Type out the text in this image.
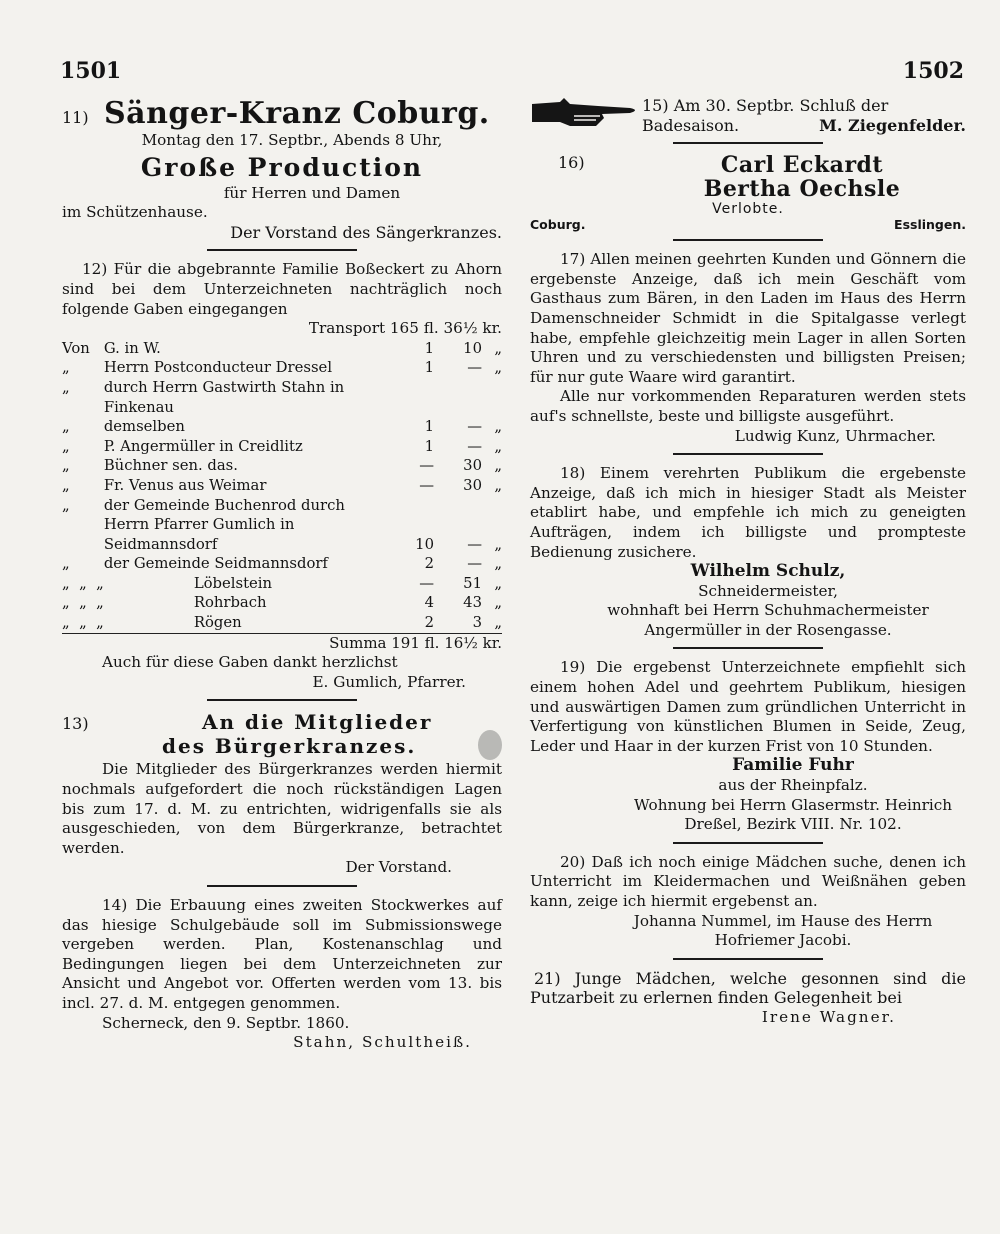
1501	1502
11) Sänger-Kranz Coburg.

Montag den 17. Septbr., Abends 8 Uhr,

Große Production

für Herren und Damen

im Schützenhause.

Der Vorstand des Sängerkranzes.

12) Für die abgebrannte Familie Boßeckert zu Ahorn sind bei dem Unterzeichneten nachträglich noch folgende Gaben eingegangen

Transport 165 fl. 36½ kr.

Von	G. in W.	1	10	„
„	Herrn Postconducteur Dressel	1	—	„
„	durch Herrn Gastwirth Stahn in Finkenau			
„	demselben	1	—	„
„	P. Angermüller in Creidlitz	1	—	„
„	Büchner sen. das.	—	30	„
„	Fr. Venus aus Weimar	—	30	„
„	der Gemeinde Buchenrod durch Herrn Pfarrer Gumlich in Seidmannsdorf	10	—	„
„	der Gemeinde Seidmannsdorf	2	—	„
„  „  „	Löbelstein	—	51	„
„  „  „	Rohrbach	4	43	„
„  „  „	Rögen	2	3	„
Summa 191 fl. 16½ kr.				

Auch für diese Gaben dankt herzlichst

E. Gumlich, Pfarrer.

13)	An die Mitglieder
des Bürgerkranzes.

Die Mitglieder des Bürgerkranzes werden hiermit nochmals aufgefordert die noch rückständigen Lagen bis zum 17. d. M. zu entrichten, widrigenfalls sie als ausgeschieden, von dem Bürgerkranze, betrachtet werden.

Der Vorstand.

14) Die Erbauung eines zweiten Stockwerkes auf das hiesige Schulgebäude soll im Submissionswege vergeben werden. Plan, Kostenanschlag und Bedingungen liegen bei dem Unterzeichneten zur Ansicht und Angebot vor. Offerten werden vom 13. bis incl. 27. d. M. entgegen genommen.

Scherneck, den 9. Septbr. 1860.

Stahn, Schultheiß.

15) Am 30. Septbr. Schluß der

Badesaison.	M. Ziegenfelder.

16)	Carl Eckardt
Bertha Oechsle
Verlobte.
Coburg.	Esslingen.

17) Allen meinen geehrten Kunden und Gönnern die ergebenste Anzeige, daß ich mein Geschäft vom Gasthaus zum Bären, in den Laden im Haus des Herrn Damenschneider Schmidt in die Spitalgasse verlegt habe, empfehle gleichzeitig mein Lager in allen Sorten Uhren und zu verschiedensten und billigsten Preisen; für nur gute Waare wird garantirt.

Alle nur vorkommenden Reparaturen werden stets auf's schnellste, beste und billigste ausgeführt.

Ludwig Kunz, Uhrmacher.

18) Einem verehrten Publikum die ergebenste Anzeige, daß ich mich in hiesiger Stadt als Meister etablirt habe, und empfehle ich mich zu geneigten Aufträgen, indem ich billigste und prompteste Bedienung zusichere.

Wilhelm Schulz,

Schneidermeister,

wohnhaft bei Herrn Schuhmachermeister Angermüller in der Rosengasse.

19) Die ergebenst Unterzeichnete empfiehlt sich einem hohen Adel und geehrtem Publikum, hiesigen und auswärtigen Damen zum gründlichen Unterricht in Verfertigung von künstlichen Blumen in Seide, Zeug, Leder und Haar in der kurzen Frist von 10 Stunden.

Familie Fuhr

aus der Rheinpfalz.

Wohnung bei Herrn Glasermstr. Heinrich Dreßel, Bezirk VIII. Nr. 102.

20) Daß ich noch einige Mädchen suche, denen ich Unterricht im Kleidermachen und Weißnähen geben kann, zeige ich hiermit ergebenst an.

Johanna Nummel, im Hause des Herrn Hofriemer Jacobi.

21) Junge Mädchen, welche gesonnen sind die Putzarbeit zu erlernen finden Gelegenheit bei

Irene Wagner.
